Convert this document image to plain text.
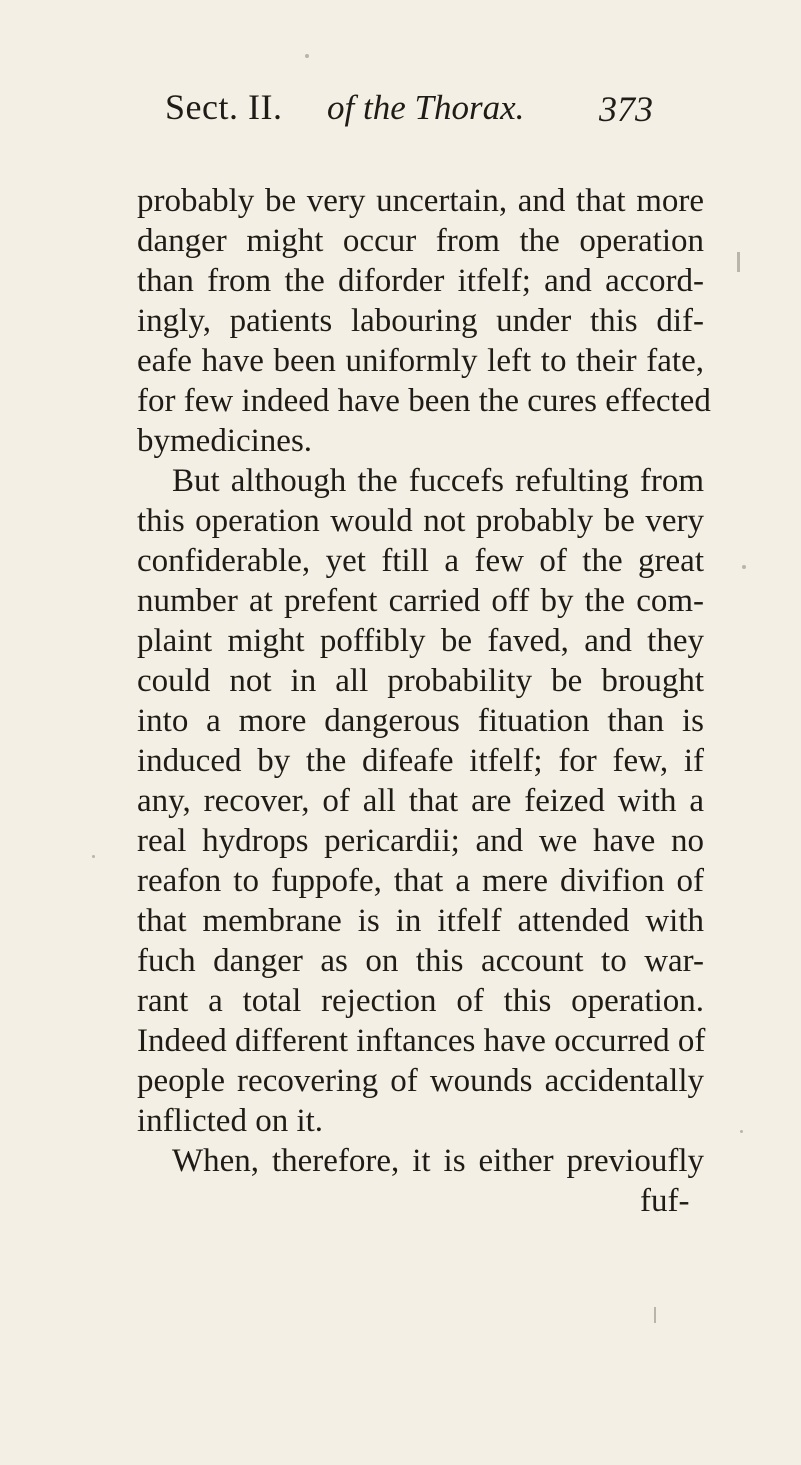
Sect. II. of the Thorax. 373
probably be very uncertain, and that more
danger might occur from the operation
than from the diforder itfelf; and accord-
ingly, patients labouring under this dif-
eafe have been uniformly left to their fate,
for few indeed have been the cures effected
bymedicines.
But although the fuccefs refulting from
this operation would not probably be very
confiderable, yet ftill a few of the great
number at prefent carried off by the com-
plaint might poffibly be faved, and they
could not in all probability be brought
into a more dangerous fituation than is
induced by the difeafe itfelf; for few, if
any, recover, of all that are feized with a
real hydrops pericardii; and we have no
reafon to fuppofe, that a mere divifion of
that membrane is in itfelf attended with
fuch danger as on this account to war-
rant a total rejection of this operation.
Indeed different inftances have occurred of
people recovering of wounds accidentally
inflicted on it.
When, therefore, it is either previoufly
fuf-
